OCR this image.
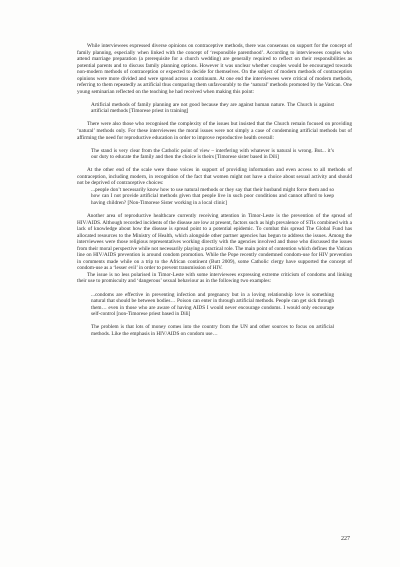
While interviewees expressed diverse opinions on contraceptive methods, there was consensus on support for the concept of family planning, especially when linked with the concept of ‘responsible parenthood’. According to interviewees couples who attend marriage preparation (a prerequisite for a church wedding) are generally required to reflect on their responsibilities as potential parents and to discuss family planning options. However it was unclear whether couples would be encouraged towards non-modern methods of contraception or expected to decide for themselves. On the subject of modern methods of contraception opinions were more divided and were spread across a continuum. At one end the interviewees were critical of modern methods, referring to them repeatedly as artificial thus comparing them unfavourably to the ‘natural’ methods promoted by the Vatican. One young seminarian reflected on the teaching he had received when making this point:

Artificial methods of family planning are not good because they are against human nature. The Church is against artificial methods [Timorese priest in training]

There were also those who recognised the complexity of the issues but insisted that the Church remain focused on providing ‘natural’ methods only. For these interviewees the moral issues were not simply a case of condemning artificial methods but of affirming the need for reproductive education in order to improve reproductive health overall:

The stand is very clear from the Catholic point of view – interfering with whatever is natural is wrong. But... it’s our duty to educate the family and then the choice is theirs [Timorese sister based in Dili]

At the other end of the scale were those voices in support of providing information and even access to all methods of contraception, including modern, in recognition of the fact that women might not have a choice about sexual activity and should not be deprived of contraceptive choices:

...people don’t necessarily know how to use natural methods or they say that their husband might force them and so how can I not provide artificial methods given that people live in such poor conditions and cannot afford to keep having children? [Non-Timorese Sister working in a local clinic]

Another area of reproductive healthcare currently receiving attention in Timor-Leste is the prevention of the spread of HIV/AIDS. Although recorded incidents of the disease are low at present, factors such as high prevalence of STIs combined with a lack of knowledge about how the disease is spread point to a potential epidemic. To combat this spread The Global Fund has allocated resources to the Ministry of Health, which alongside other partner agencies has begun to address the issues. Among the interviewees were those religious representatives working directly with the agencies involved and those who discussed the issues from their moral perspective while not necessarily playing a practical role. The main point of contention which defines the Vatican line on HIV/AIDS prevention is around condom promotion. While the Pope recently condemned condom-use for HIV prevention in comments made while on a trip to the African continent (Butt 2009), some Catholic clergy have supported the concept of condom-use as a ‘lesser evil’ in order to prevent transmission of HIV.

The issue is no less polarised in Timor-Leste with some interviewees expressing extreme criticism of condoms and linking their use to promiscuity and ‘dangerous’ sexual behaviour as in the following two examples:

...condoms are effective in preventing infection and pregnancy but in a loving relationship love is something natural that should be between bodies… Poison can enter in through artificial methods. People can get sick through them… even in those who are aware of having AIDS I would never encourage condoms. I would only encourage self-control [non-Timorese priest based in Dili]

The problem is that lots of money comes into the country from the UN and other sources to focus on artificial methods. Like the emphasis in HIV/AIDS on condom use…

227
